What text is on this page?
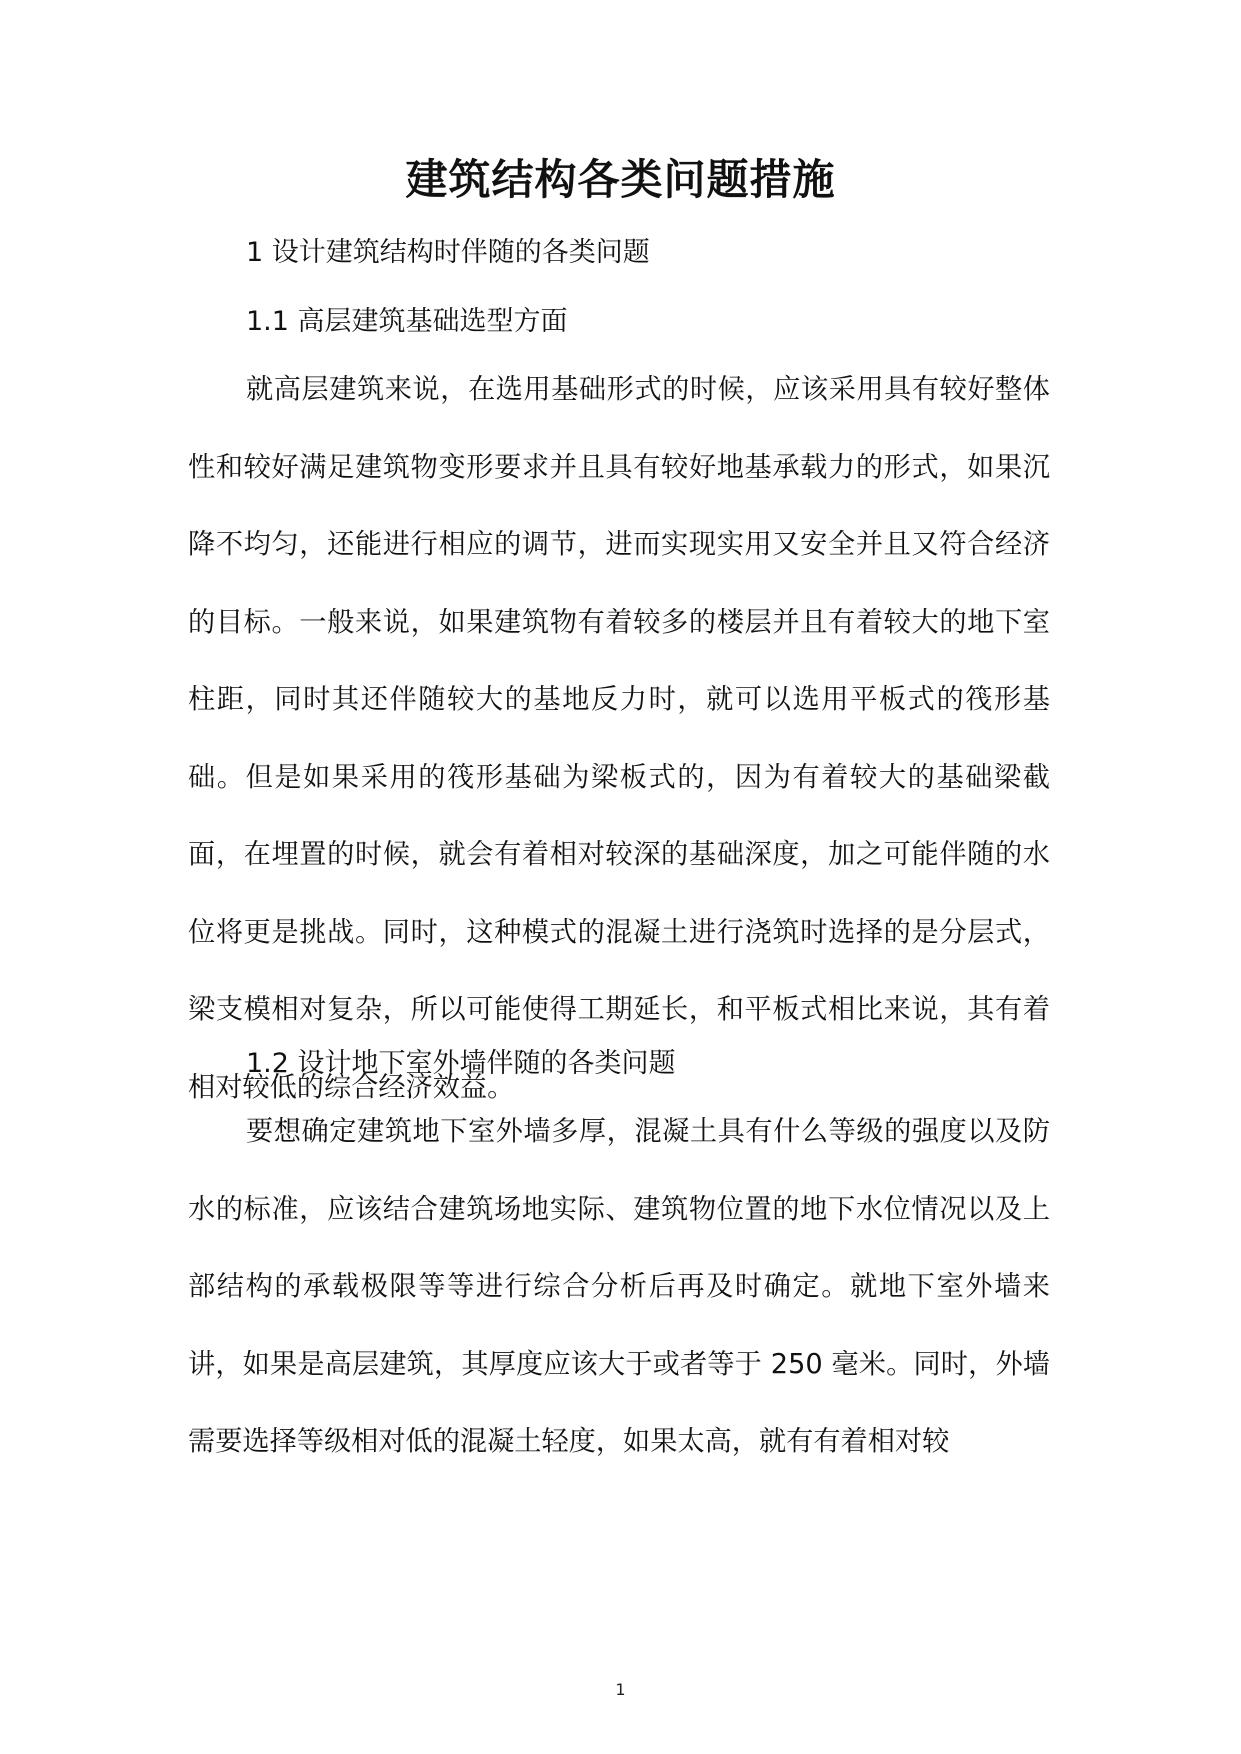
建筑结构各类问题措施
1 设计建筑结构时伴随的各类问题
1.1 高层建筑基础选型方面

就高层建筑来说，在选用基础形式的时候，应该采用具有较好整体性和较好满足建筑物变形要求并且具有较好地基承载力的形式，如果沉降不均匀，还能进行相应的调节，进而实现实用又安全并且又符合经济的目标。一般来说，如果建筑物有着较多的楼层并且有着较大的地下室柱距，同时其还伴随较大的基地反力时，就可以选用平板式的筏形基础。但是如果采用的筏形基础为梁板式的，因为有着较大的基础梁截面，在埋置的时候，就会有着相对较深的基础深度，加之可能伴随的水位将更是挑战。同时，这种模式的混凝土进行浇筑时选择的是分层式，梁支模相对复杂，所以可能使得工期延长，和平板式相比来说，其有着相对较低的综合经济效益。

1.2 设计地下室外墙伴随的各类问题

要想确定建筑地下室外墙多厚，混凝土具有什么等级的强度以及防水的标准，应该结合建筑场地实际、建筑物位置的地下水位情况以及上部结构的承载极限等等进行综合分析后再及时确定。就地下室外墙来讲，如果是高层建筑，其厚度应该大于或者等于 250 毫米。同时，外墙需要选择等级相对低的混凝土轻度，如果太高，就有有着相对较

1
